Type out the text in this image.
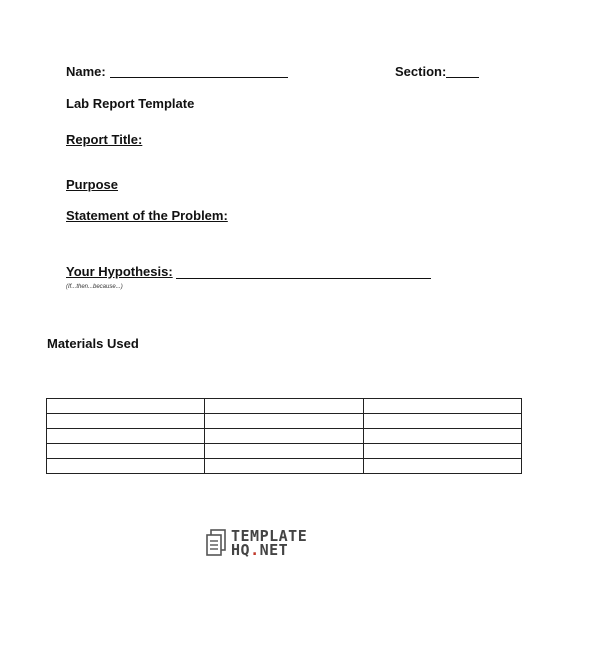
Name:	Section:
Lab Report Template
Report Title:
Purpose
Statement of the Problem:
Your Hypothesis:
(If...then...because...)
Materials Used

TEMPLATE
HQ.NET
